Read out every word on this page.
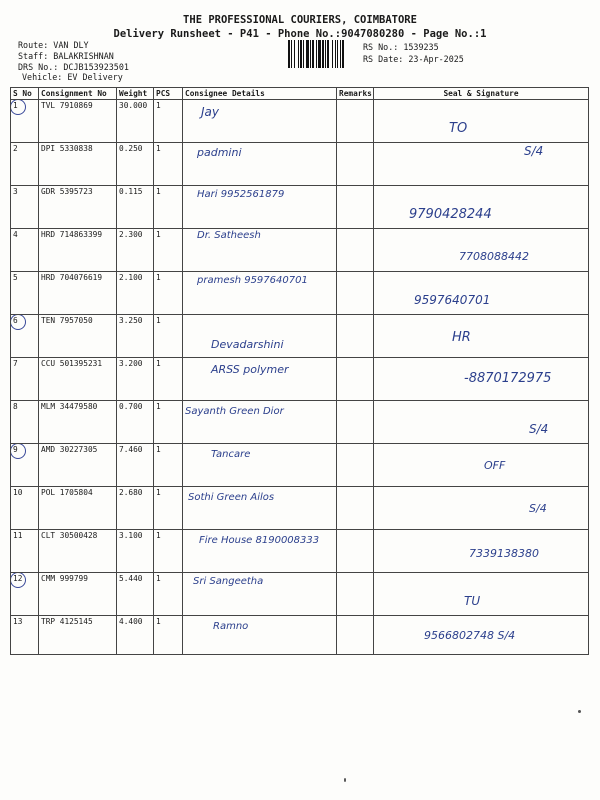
THE PROFESSIONAL COURIERS, COIMBATORE
Delivery Runsheet - P41 - Phone No.:9047080280 - Page No.:1
Route: VAN DLY
Staff: BALAKRISHNAN
DRS No.: DCJB153923501
Vehicle: EV Delivery
RS No.: 1539235
RS Date: 23-Apr-2025
S No	Consignment No	Weight	PCS	Consignee Details	Remarks	Seal & Signature
1	TVL 7910869	30.000	1	Jay		TO

2	DPI 5330838	0.250	1	padmini		S/4

3	GDR 5395723	0.115	1	Hari 9952561879		9790428244

4	HRD 714863399	2.300	1	Dr. Satheesh		7708088442

5	HRD 704076619	2.100	1	pramesh 9597640701		9597640701

6	TEN 7957050	3.250	1	Devadarshini		HR

7	CCU 501395231	3.200	1	ARSS polymer		-8870172975

8	MLM 34479580	0.700	1	Sayanth Green Dior		S/4

9	AMD 30227305	7.460	1	Tancare		OFF

10	POL 1705804	2.680	1	Sothi Green Ailos		S/4

11	CLT 30500428	3.100	1	Fire House 8190008333		7339138380

12	CMM 999799	5.440	1	Sri Sangeetha		TU

13	TRP 4125145	4.400	1	Ramno		9566802748 S/4
